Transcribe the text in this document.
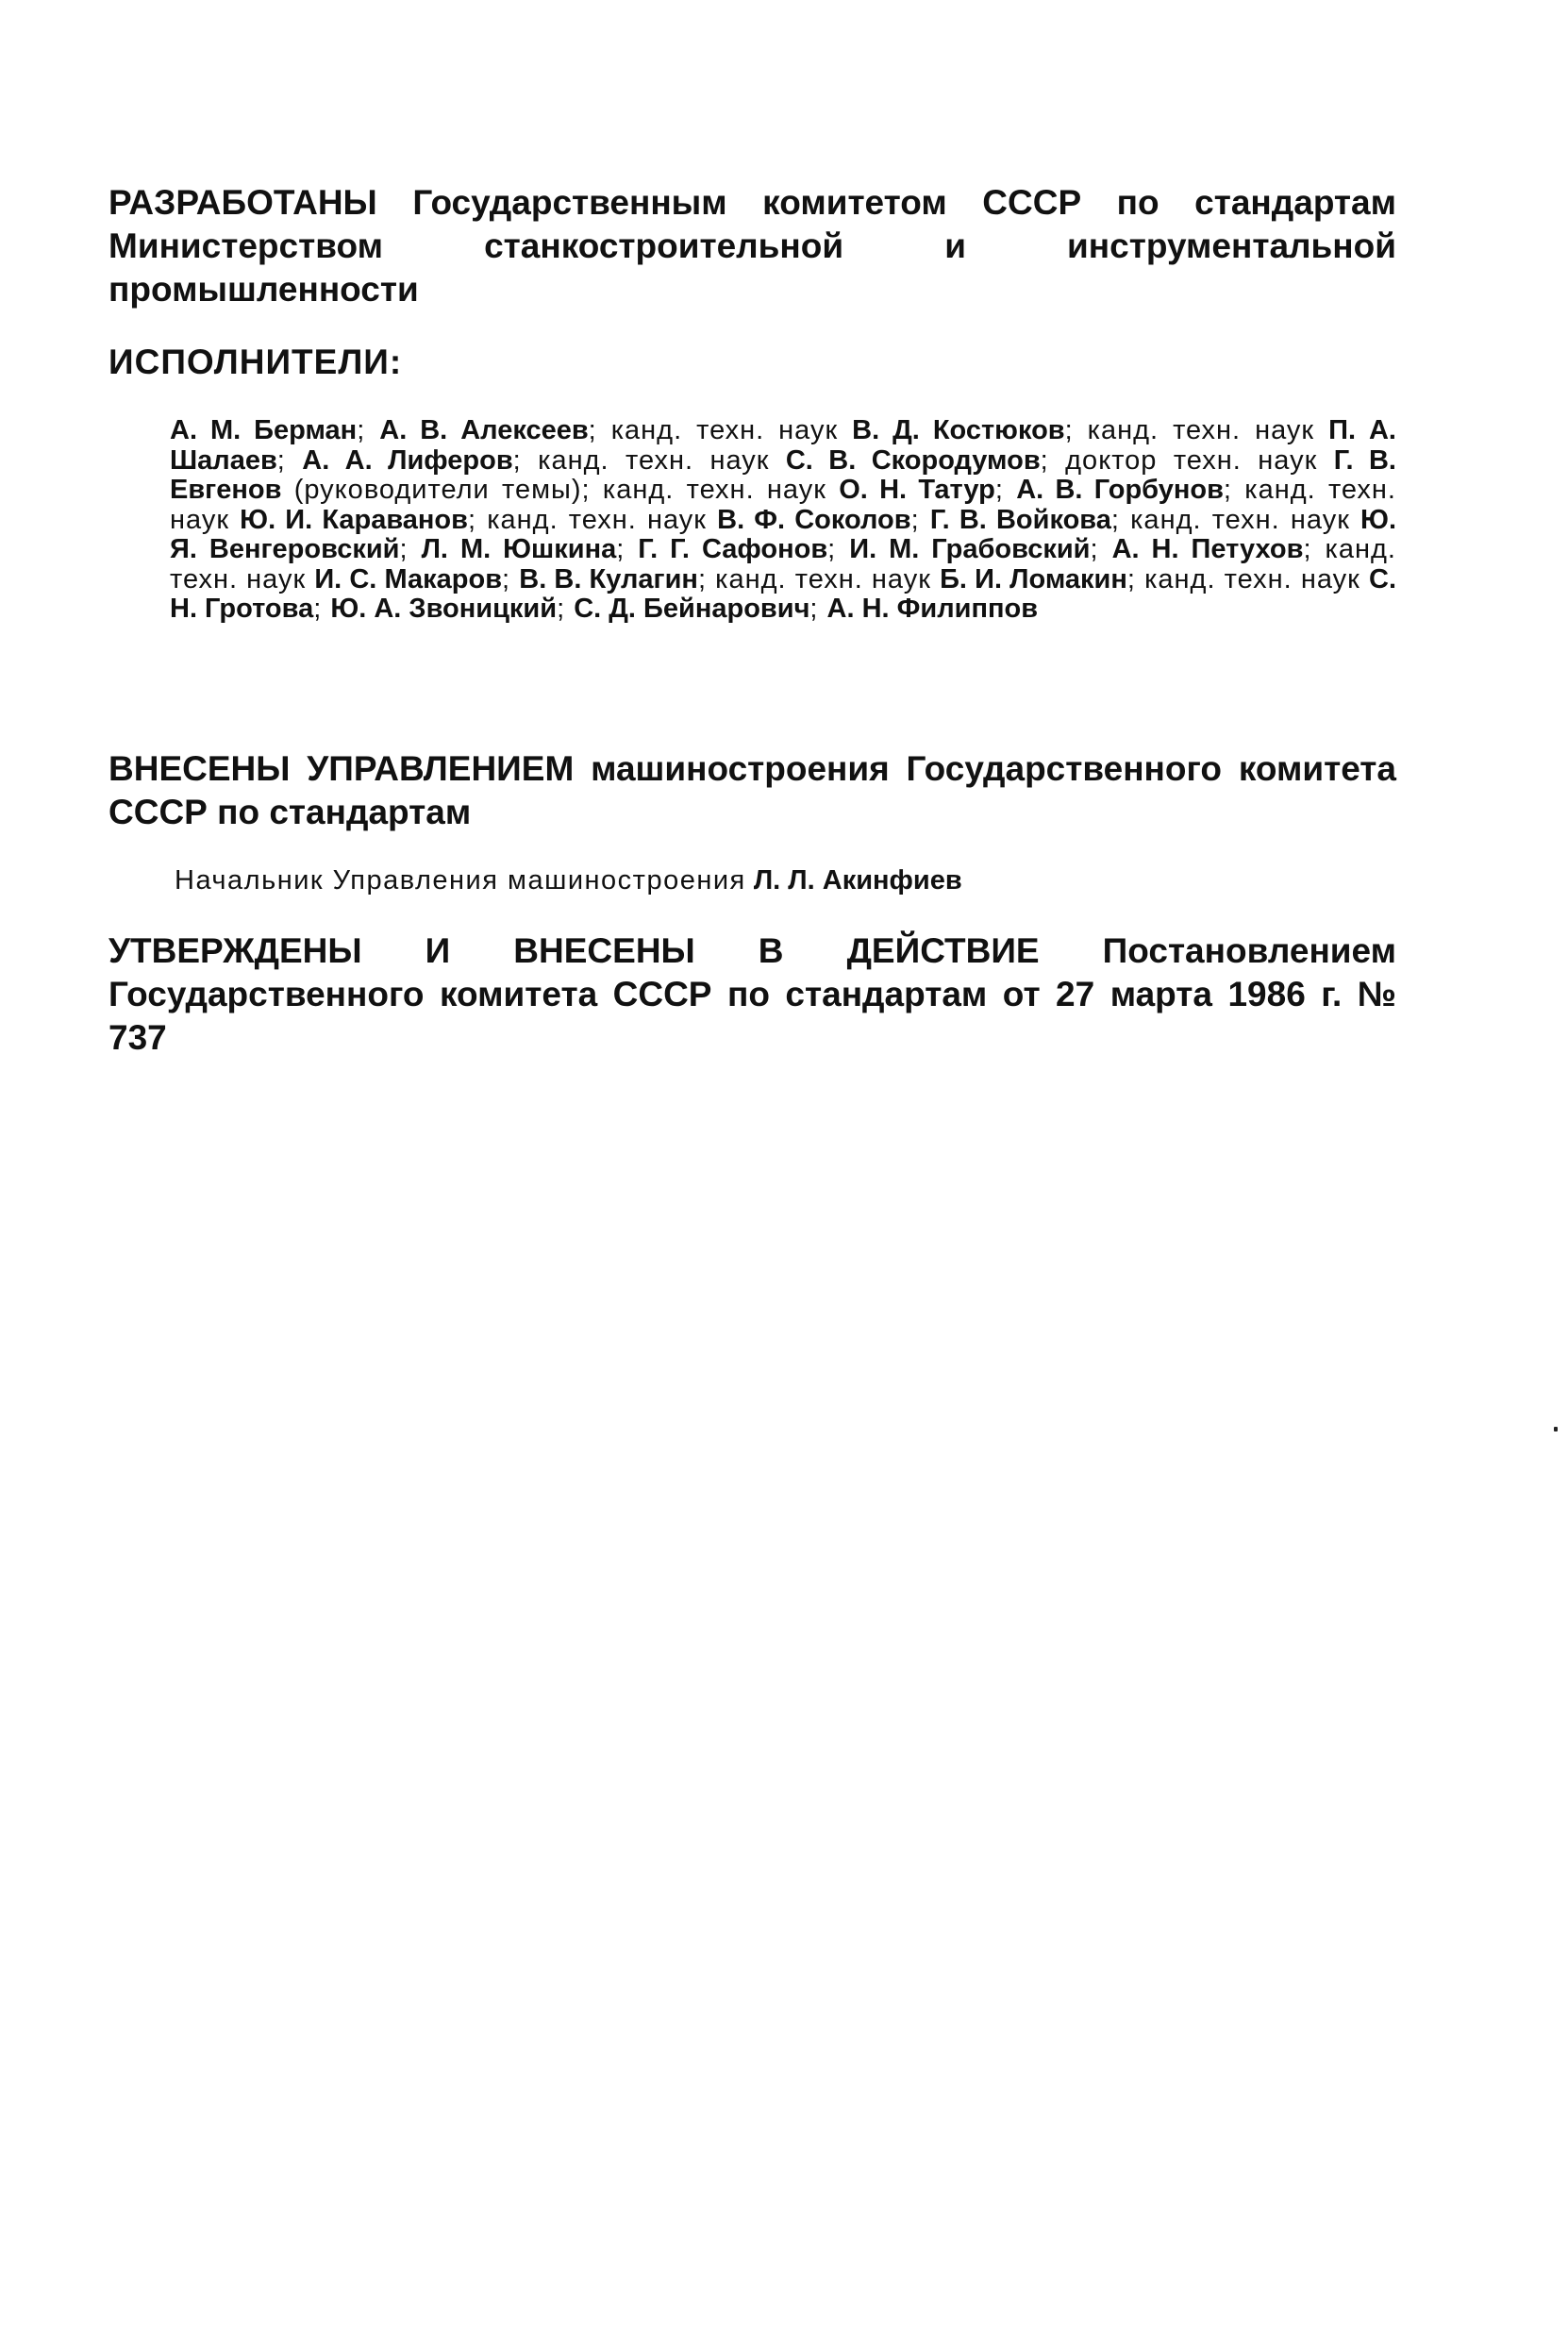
РАЗРАБОТАНЫ Государственным комитетом СССР по стандартам Министерством станкостроительной и инструментальной промышленности

ИСПОЛНИТЕЛИ:

А. М. Берман; А. В. Алексеев; канд. техн. наук В. Д. Костюков; канд. техн. наук П. А. Шалаев; А. А. Лиферов; канд. техн. наук С. В. Скородумов; доктор техн. наук Г. В. Евгенов (руководители темы); канд. техн. наук О. Н. Татур; А. В. Горбунов; канд. техн. наук Ю. И. Караванов; канд. техн. наук В. Ф. Соколов; Г. В. Войкова; канд. техн. наук Ю. Я. Венгеровский; Л. М. Юшкина; Г. Г. Сафонов; И. М. Грабовский; А. Н. Петухов; канд. техн. наук И. С. Макаров; В. В. Кулагин; канд. техн. наук Б. И. Ломакин; канд. техн. наук С. Н. Гротова; Ю. А. Звоницкий; С. Д. Бейнарович; А. Н. Филиппов

ВНЕСЕНЫ УПРАВЛЕНИЕМ машиностроения Государственного комитета СССР по стандартам

Начальник Управления машиностроения Л. Л. Акинфиев

УТВЕРЖДЕНЫ И ВНЕСЕНЫ В ДЕЙСТВИЕ Постановлением Государственного комитета СССР по стандартам от 27 марта 1986 г. № 737
